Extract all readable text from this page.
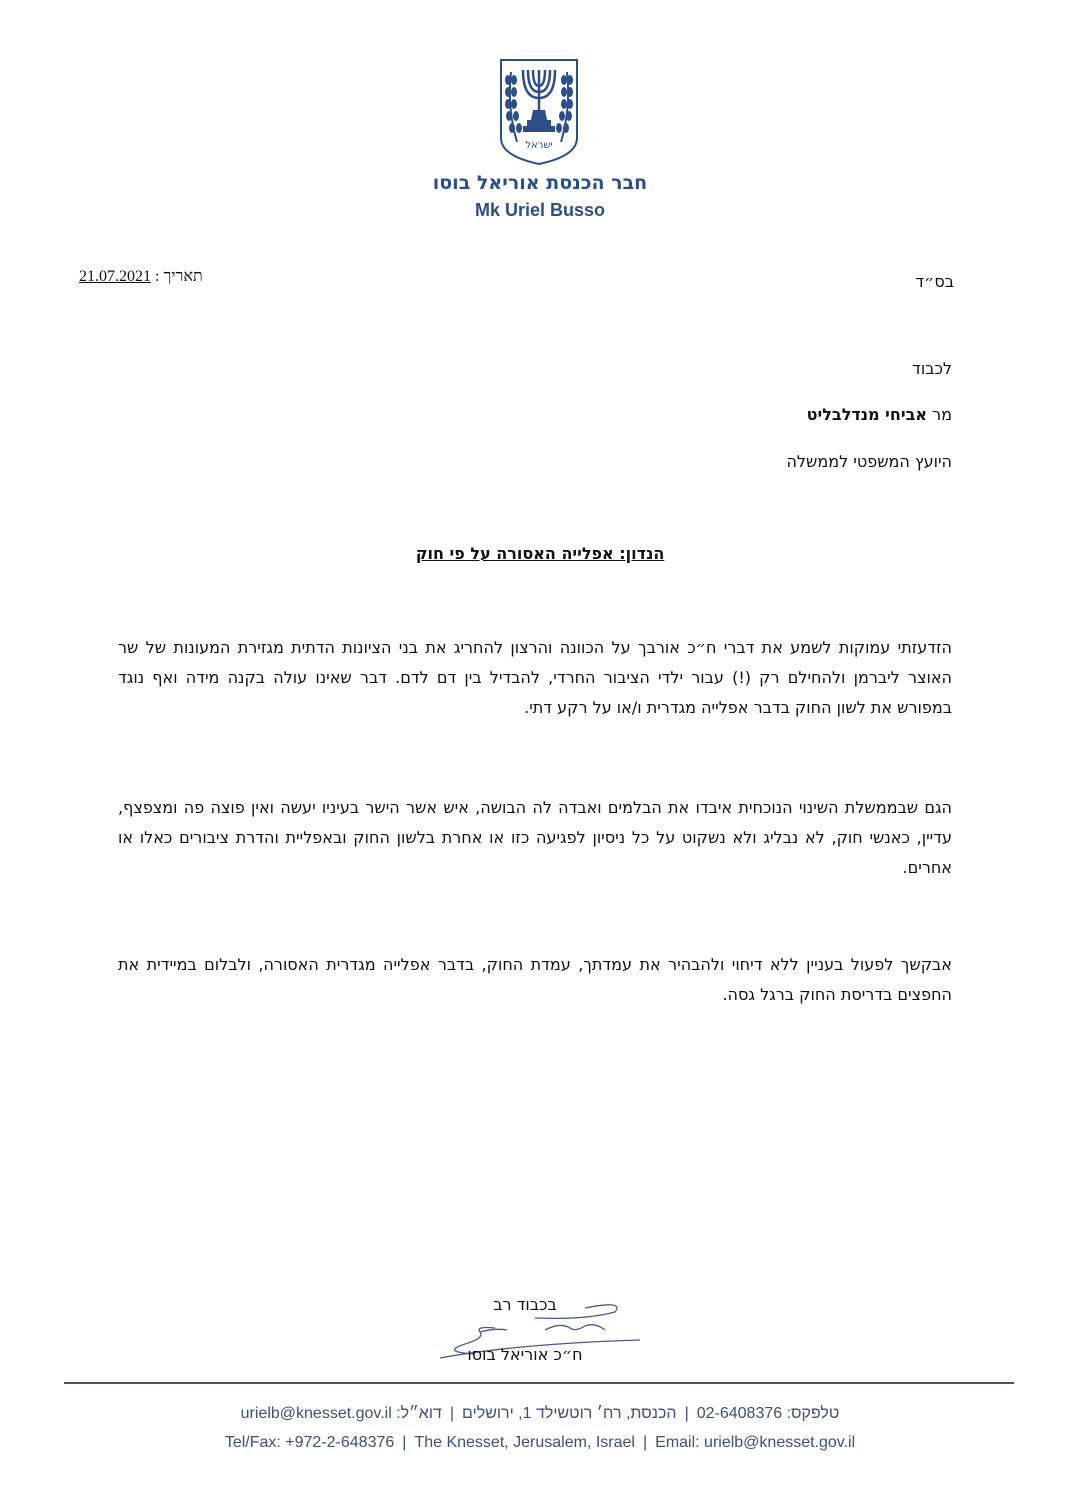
ישראל
חבר הכנסת אוריאל בוסו
Mk Uriel Busso
בס״ד
תאריך : 21.07.2021
לכבוד
מר אביחי מנדלבליט
היועץ המשפטי לממשלה
הנדון: אפלייה האסורה על פי חוק
הזדעזתי עמוקות לשמע את דברי ח״כ אורבך על הכוונה והרצון להחריג את בני הציונות הדתית מגזירת המעונות של שר האוצר ליברמן ולהחילם רק (!) עבור ילדי הציבור החרדי, להבדיל בין דם לדם. דבר שאינו עולה בקנה מידה ואף נוגד במפורש את לשון החוק בדבר אפלייה מגדרית ו/או על רקע דתי.
הגם שבממשלת השינוי הנוכחית איבדו את הבלמים ואבדה לה הבושה, איש אשר הישר בעיניו יעשה ואין פוצה פה ומצפצף, עדיין, כאנשי חוק, לא נבליג ולא נשקוט על כל ניסיון לפגיעה כזו או אחרת בלשון החוק ובאפליית והדרת ציבורים כאלו או אחרים.
אבקשך לפעול בעניין ללא דיחוי ולהבהיר את עמדתך, עמדת החוק, בדבר אפלייה מגדרית האסורה, ולבלום במיידית את החפצים בדריסת החוק ברגל גסה.
בכבוד רב
ח״כ אוריאל בוסו
טלפקס: 02-6408376|הכנסת, רח׳ רוטשילד 1, ירושלים|דוא״ל: urielb@knesset.gov.il
Tel/Fax: +972-2-648376 | The Knesset, Jerusalem, Israel | Email: urielb@knesset.gov.il
